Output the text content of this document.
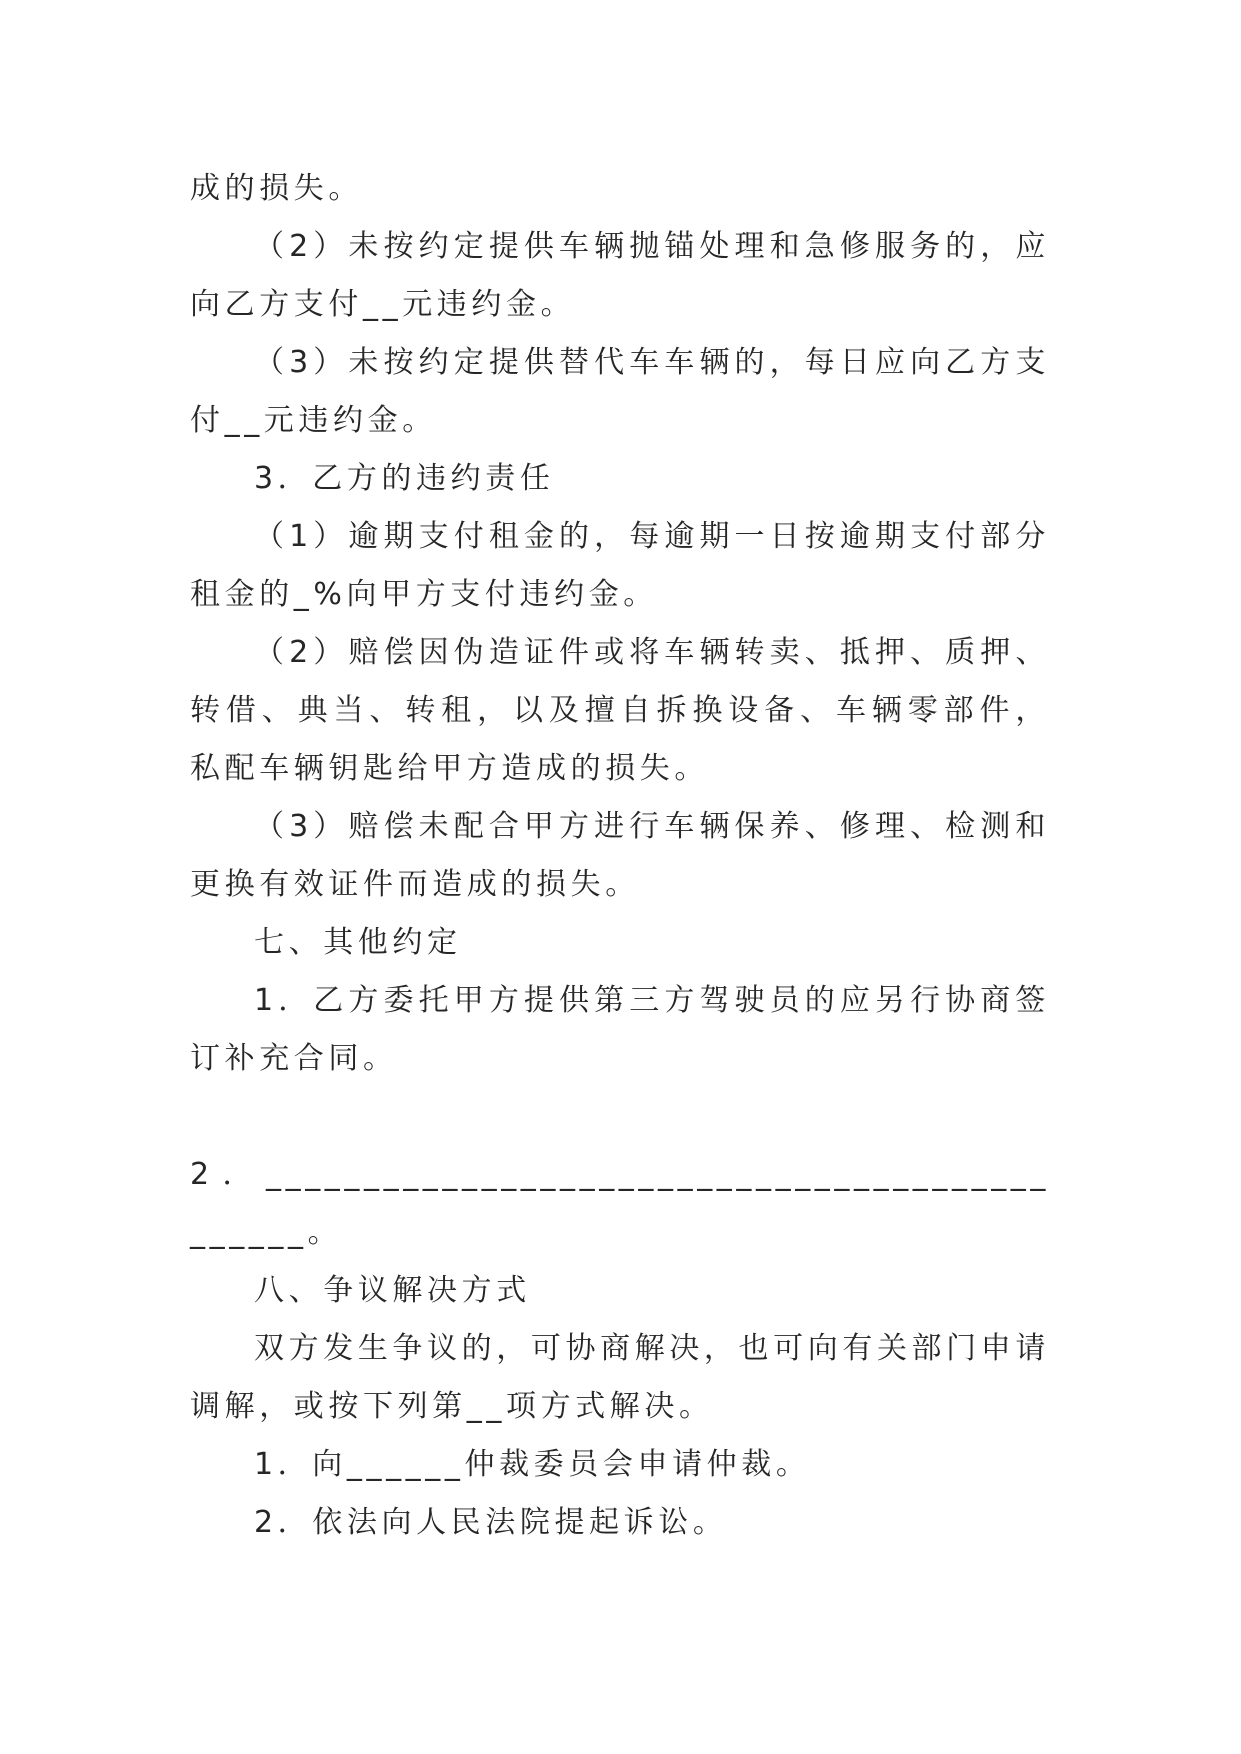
成的损失。

（2）未按约定提供车辆抛锚处理和急修服务的，应向乙方支付__元违约金。

（3）未按约定提供替代车车辆的，每日应向乙方支付__元违约金。

3．乙方的违约责任

（1）逾期支付租金的，每逾期一日按逾期支付部分租金的_%向甲方支付违约金。

（2）赔偿因伪造证件或将车辆转卖、抵押、质押、转借、典当、转租，以及擅自拆换设备、车辆零部件，私配车辆钥匙给甲方造成的损失。

（3）赔偿未配合甲方进行车辆保养、修理、检测和更换有效证件而造成的损失。

七、其他约定

1．乙方委托甲方提供第三方驾驶员的应另行协商签订补充合同。

2．______________________________________________。

八、争议解决方式

双方发生争议的，可协商解决，也可向有关部门申请调解，或按下列第__项方式解决。

1．向______仲裁委员会申请仲裁。

2．依法向人民法院提起诉讼。
